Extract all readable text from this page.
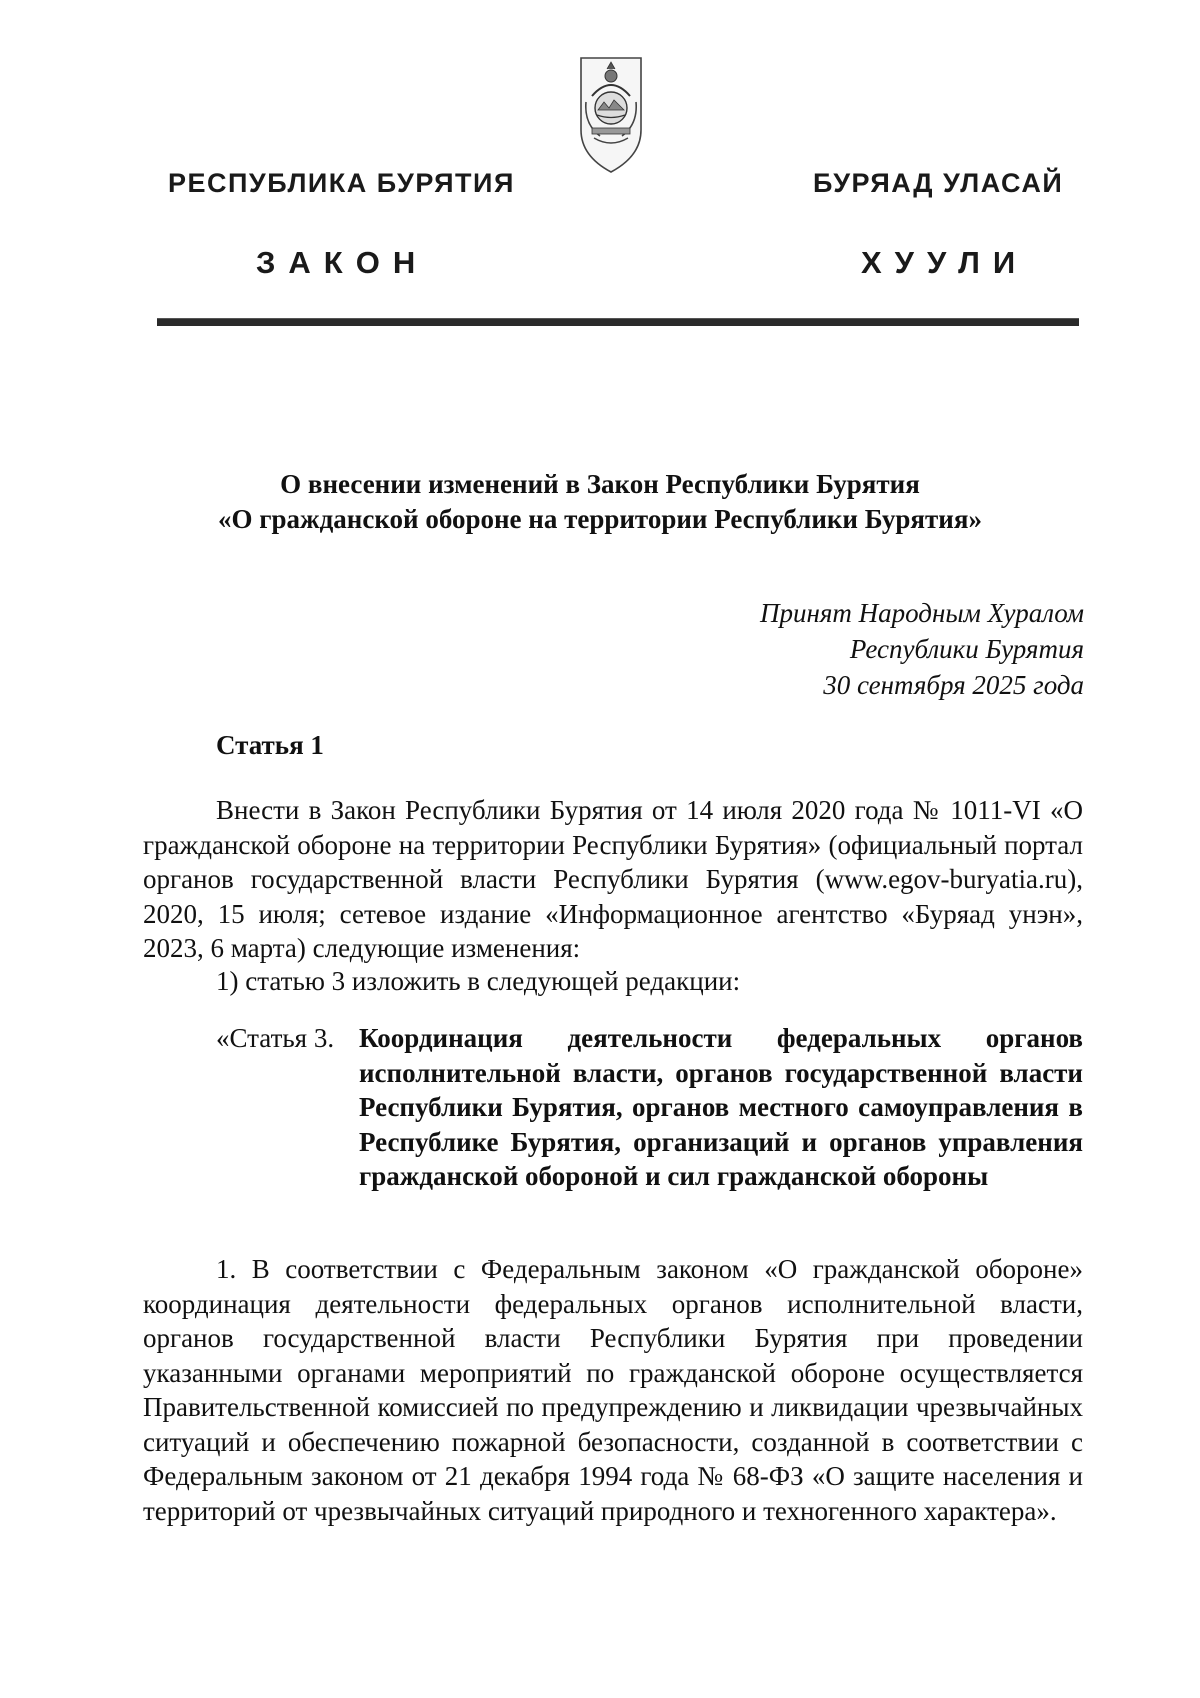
РЕСПУБЛИКА БУРЯТИЯ	БУРЯАД УЛАСАЙ
ЗАКОН	ХУУЛИ
О внесении изменений в Закон Республики Бурятия
«О гражданской обороне на территории Республики Бурятия»
Принят Народным Хуралом
Республики Бурятия
30 сентября 2025 года
Статья 1

Внести в Закон Республики Бурятия от 14 июля 2020 года № 1011-VI «О гражданской обороне на территории Республики Бурятия» (официальный портал органов государственной власти Республики Бурятия (www.egov-buryatia.ru), 2020, 15 июля; сетевое издание «Информационное агентство «Буряад унэн», 2023, 6 марта) следующие изменения:

1) статью 3 изложить в следующей редакции:

«Статья 3. Координация деятельности федеральных органов исполнительной власти, органов государственной власти Республики Бурятия, органов местного самоуправления в Республике Бурятия, организаций и органов управления гражданской обороной и сил гражданской обороны

1. В соответствии с Федеральным законом «О гражданской обороне» координация деятельности федеральных органов исполнительной власти, органов государственной власти Республики Бурятия при проведении указанными органами мероприятий по гражданской обороне осуществляется Правительственной комиссией по предупреждению и ликвидации чрезвычайных ситуаций и обеспечению пожарной безопасности, созданной в соответствии с Федеральным законом от 21 декабря 1994 года № 68-ФЗ «О защите населения и территорий от чрезвычайных ситуаций природного и техногенного характера».
